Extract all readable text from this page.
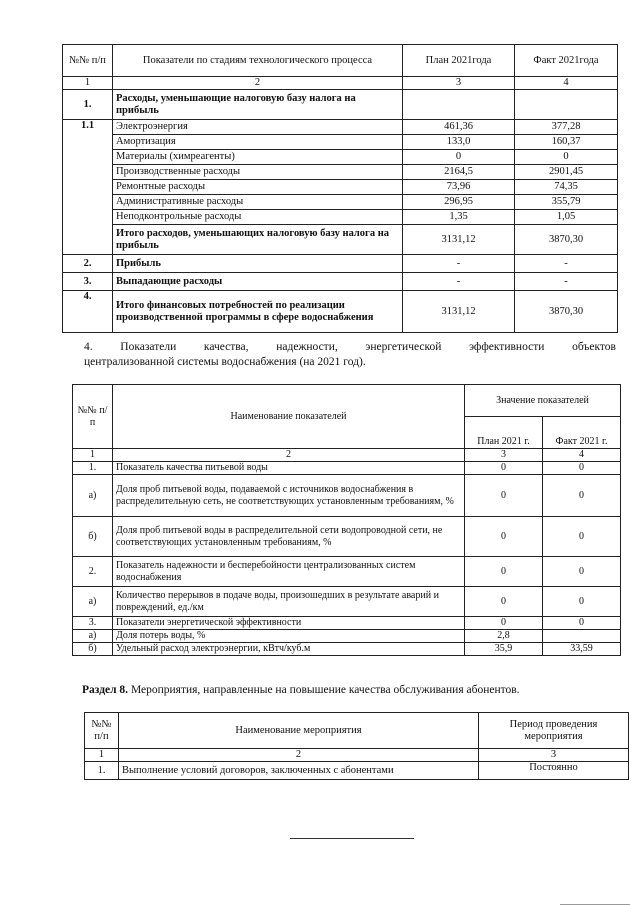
№№ п/п	Показатели по стадиям технологического процесса	План 2021года	Факт 2021года
1	2	3	4
1.	Расходы, уменьшающие налоговую базу налога на прибыль		
1.1	Электроэнергия	461,36	377,28
	Амортизация	133,0	160,37
	Материалы (химреагенты)	0	0
	Производственные расходы	2164,5	2901,45
	Ремонтные расходы	73,96	74,35
	Административные расходы	296,95	355,79
	Неподконтрольные расходы	1,35	1,05
	Итого расходов, уменьшающих налоговую базу налога на прибыль	3131,12	3870,30
2.	Прибыль	-	-
3.	Выпадающие расходы	-	-
4.	Итого финансовых потребностей по реализации производственной программы в сфере водоснабжения	3131,12	3870,30
4. Показатели качества, надежности, энергетической эффективности объектов
централизованной системы водоснабжения (на 2021 год).
№№ п/п	Наименование показателей	Значение показателей	
		План 2021 г.	Факт 2021 г.
1	2	3	4
1.	Показатель качества питьевой воды	0	0
а)	Доля проб питьевой воды, подаваемой с источников водоснабжения в распределительную сеть, не соответствующих установленным требованиям, %	0	0
б)	Доля проб питьевой воды в распределительной сети водопроводной сети, не соответствующих установленным требованиям, %	0	0
2.	Показатель надежности и бесперебойности централизованных систем водоснабжения	0	0
а)	Количество перерывов в подаче воды, произошедших в результате аварий и повреждений, ед./км	0	0
3.	Показатели энергетической эффективности	0	0
а)	Доля потерь воды, %	2,8	
б)	Удельный расход электроэнергии, кВтч/куб.м	35,9	33,59
Раздел 8. Мероприятия, направленные на повышение качества обслуживания абонентов.
№№ п/п	Наименование мероприятия	Период проведения мероприятия
1	2	3
1.	Выполнение условий договоров, заключенных с абонентами	Постоянно
